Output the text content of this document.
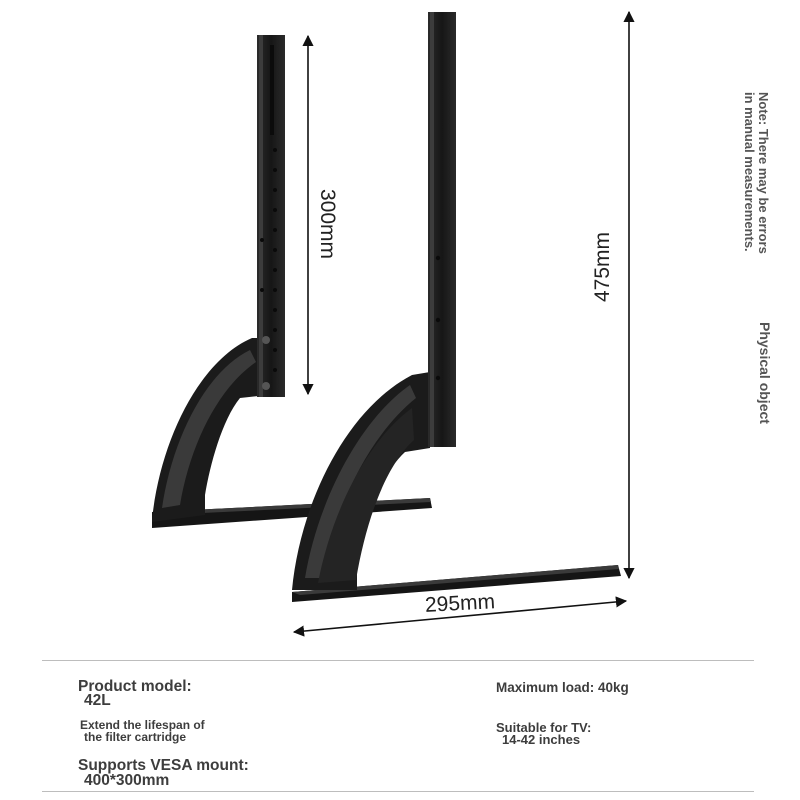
300mm
475mm
295mm
Note: There may be errors
in manual measurements.
Physical object
Product model:
42L
Extend the lifespan of
the filter cartridge
Supports VESA mount:
400*300mm
Maximum load: 40kg
Suitable for TV:
14-42 inches
